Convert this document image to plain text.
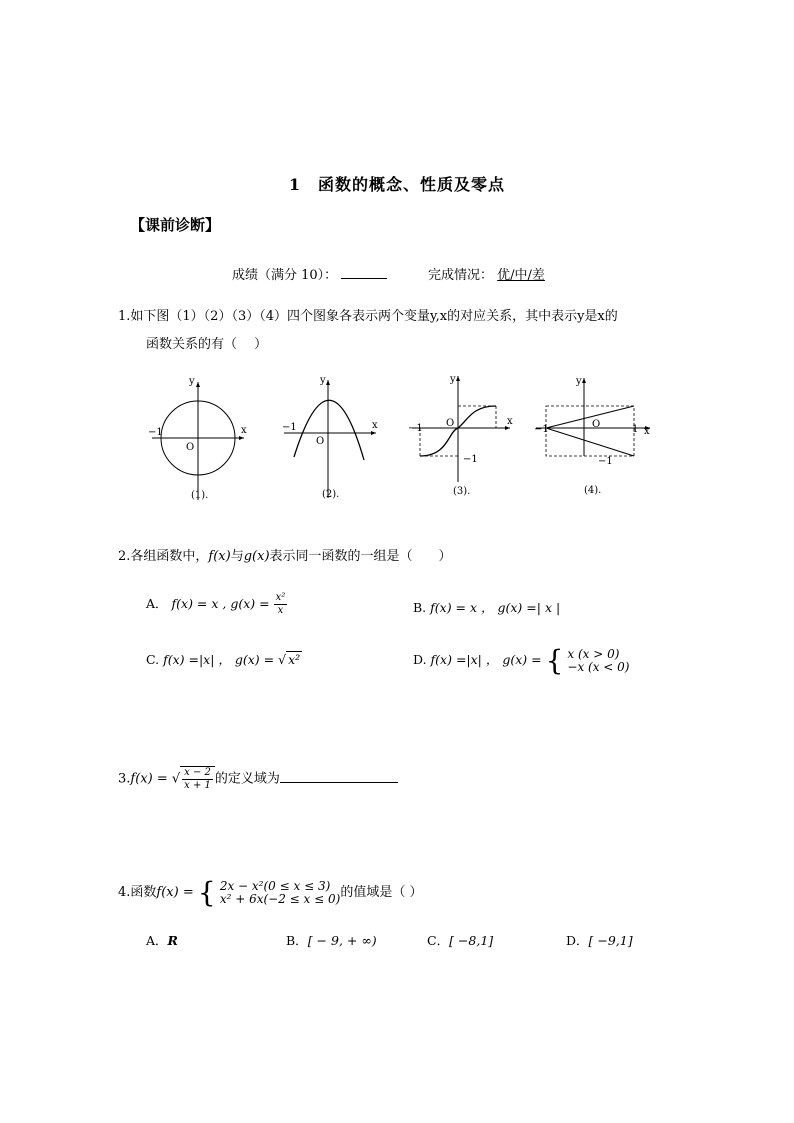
1　函数的概念、性质及零点
【课前诊断】
成绩（满分 10）：	完成情况： 优/中/差
1.如下图（1）（2）（3）（4）四个图象各表示两个变量y,x的对应关系，其中表示y是x的
函数关系的有（　 ）
y
x
O
−1
(1).
y
x
O
−1
(2).
y
x
O
−1
−1
(3).
y
x
O
−1	1
−1
(4).
2.各组函数中，f(x)与g(x)表示同一函数的一组是（　　）
A． f(x) = x , $g(x) = \frac{\text{x²}}{x}$	B. f(x) = x ， g(x) =| x |
C. f(x) =|x| ， g(x) = √ x²	D. f(x) =|x| ， g(x) = { x (x > 0)
−x (x < 0)
3.f(x) = √ $\frac{x - 2}{x + 1}$ 的定义域为
4.函数f(x) = { 2x − x²(0 ≤ x ≤ 3)
x² + 6x(−2 ≤ x ≤ 0) 的值域是（ ）
A．R	B．[ − 9, + ∞)	C．[ −8,1]	D．[ −9,1]
